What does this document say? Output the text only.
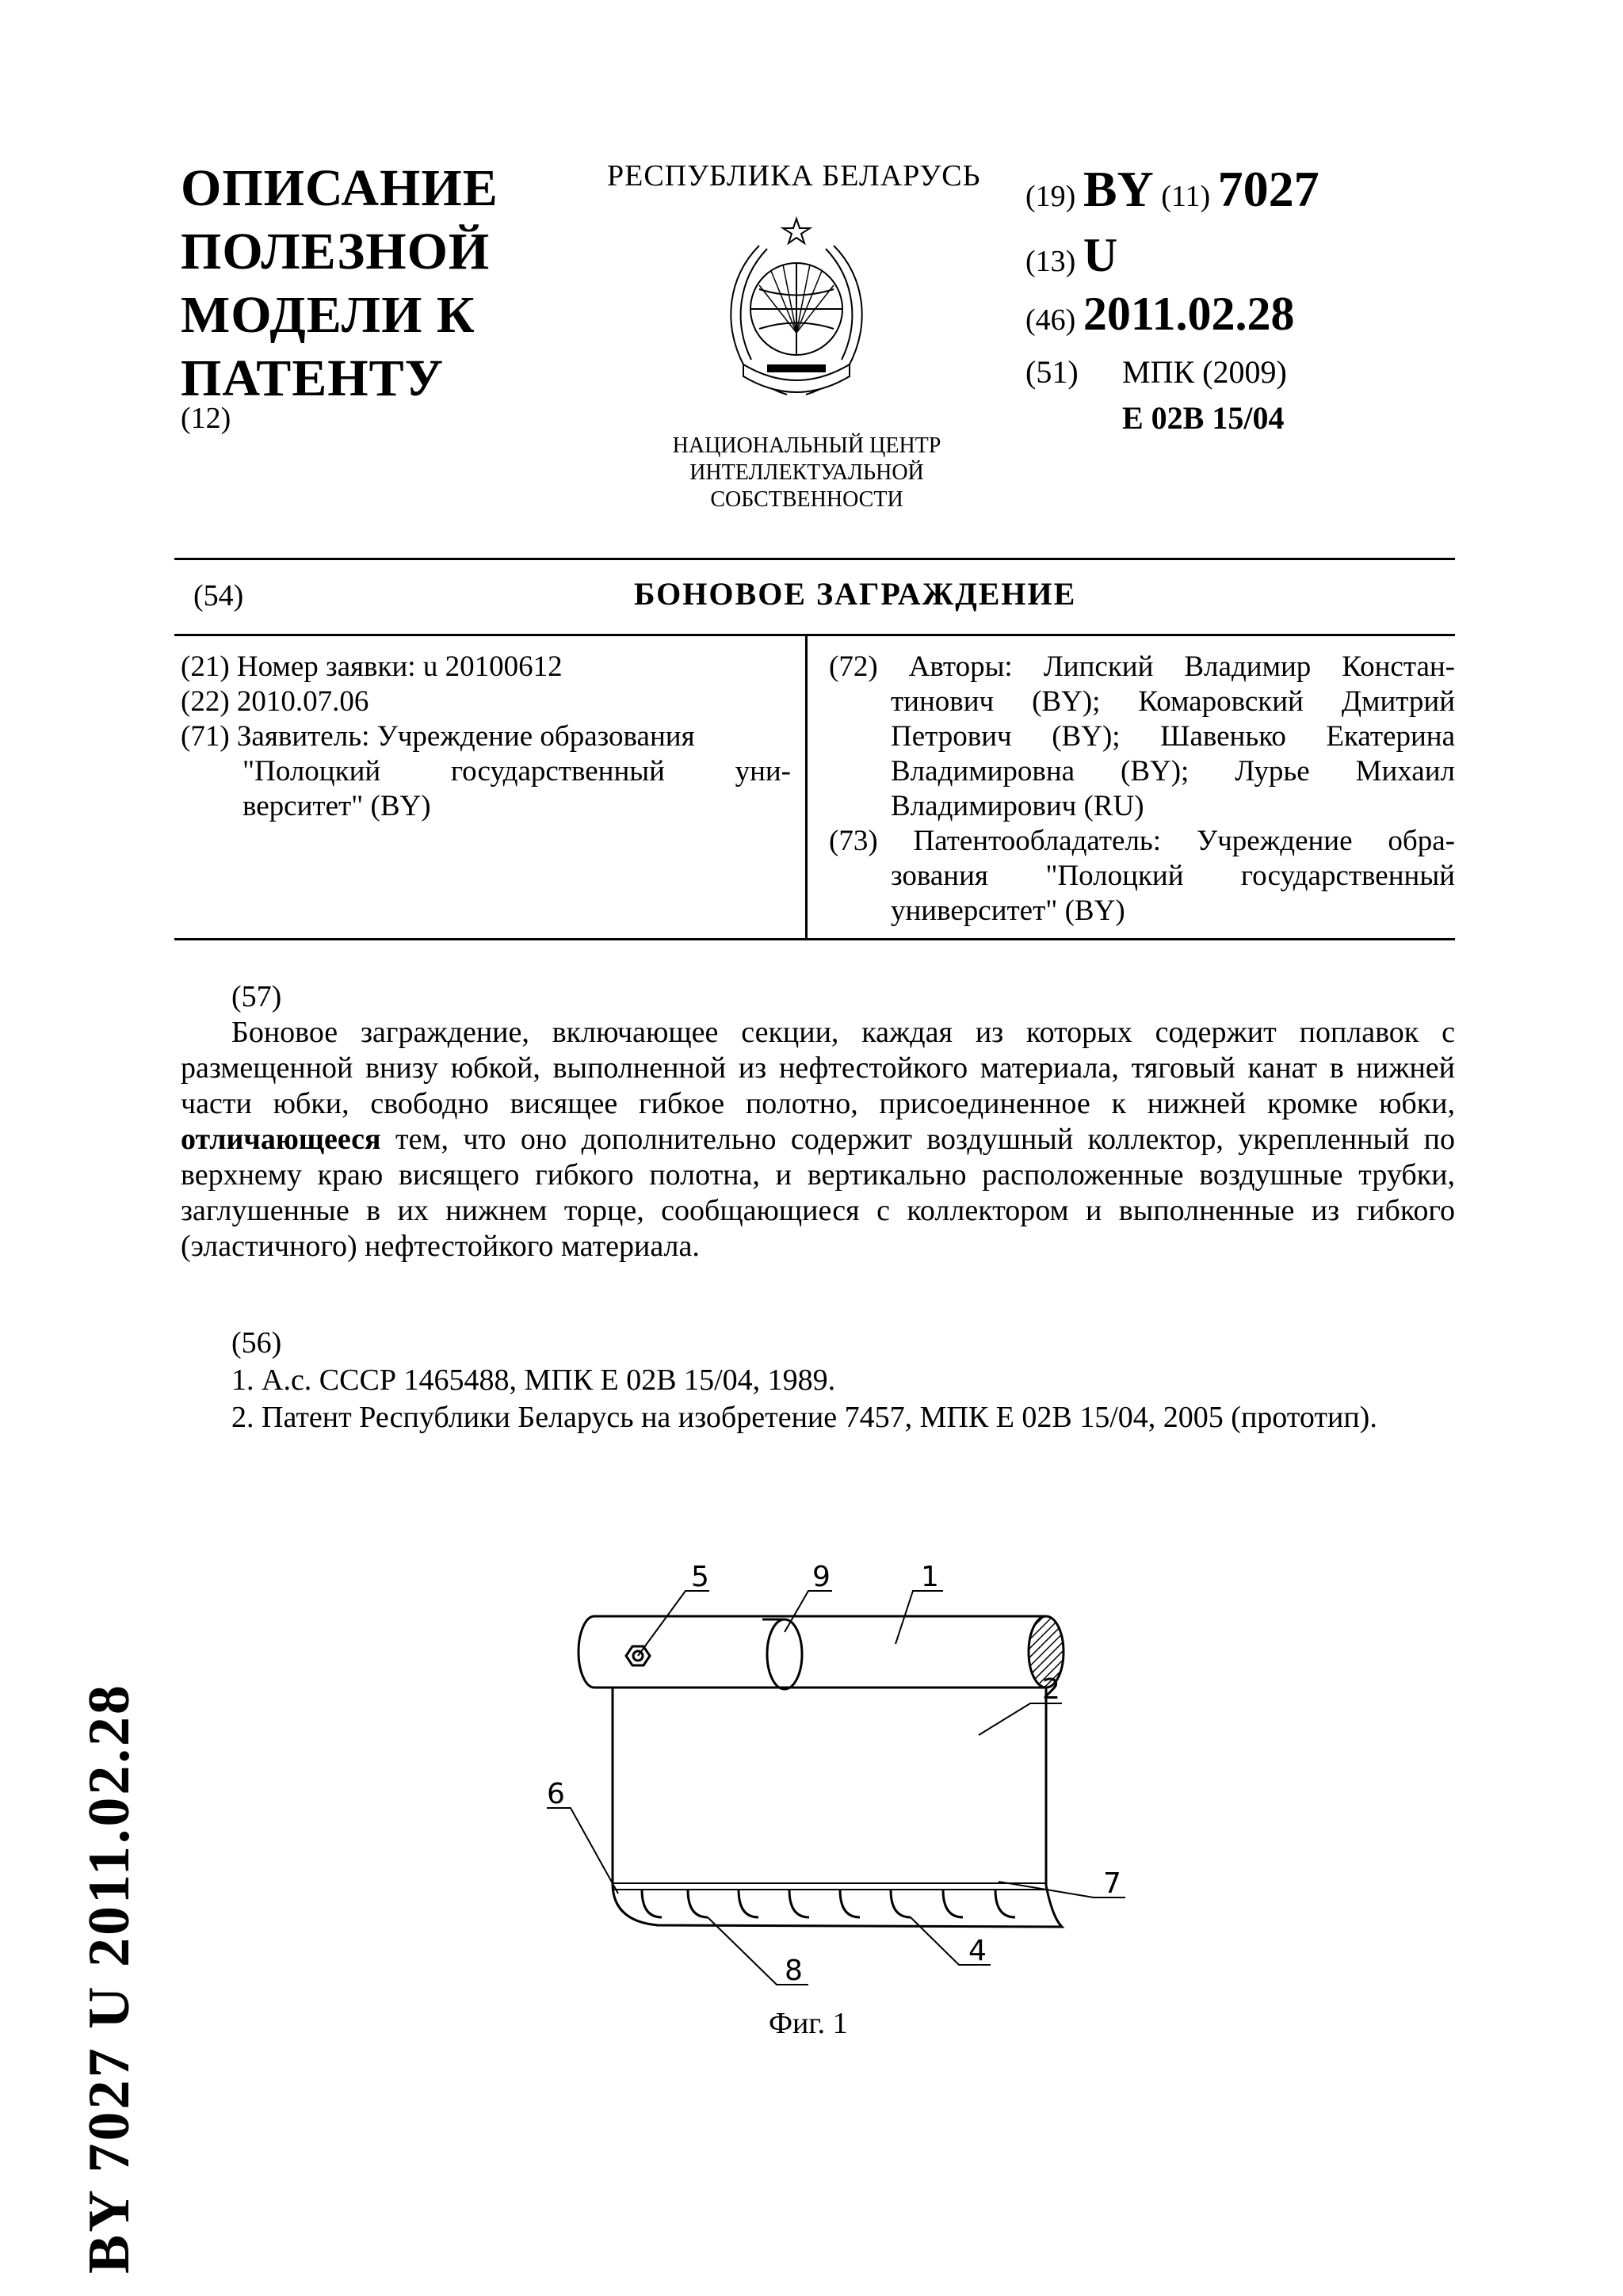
ОПИСАНИЕ
ПОЛЕЗНОЙ
МОДЕЛИ К
ПАТЕНТУ
(12)
РЕСПУБЛИКА БЕЛАРУСЬ
НАЦИОНАЛЬНЫЙ ЦЕНТР
ИНТЕЛЛЕКТУАЛЬНОЙ
СОБСТВЕННОСТИ
(19) BY (11) 7027
(13) U
(46) 2011.02.28
(51) МПК (2009)
E 02B 15/04
(54)	БОНОВОЕ ЗАГРАЖДЕНИЕ
(21) Номер заявки: u 20100612
(22) 2010.07.06
(71) Заявитель: Учреждение образования
"Полоцкий государственный уни-
верситет" (BY)
(72) Авторы: Липский Владимир Констан-
тинович (BY); Комаровский Дмитрий
Петрович (BY); Шавенько Екатерина
Владимировна (BY); Лурье Михаил
Владимирович (RU)
(73) Патентообладатель: Учреждение обра-
зования "Полоцкий государственный
университет" (BY)

(57)

Боновое заграждение, включающее секции, каждая из которых содержит поплавок с размещенной внизу юбкой, выполненной из нефтестойкого материала, тяговый канат в нижней части юбки, свободно висящее гибкое полотно, присоединенное к нижней кромке юбки, отличающееся тем, что оно дополнительно содержит воздушный коллектор, укрепленный по верхнему краю висящего гибкого полотна, и вертикально расположенные воздушные трубки, заглушенные в их нижнем торце, сообщающиеся с коллектором и выполненные из гибкого (эластичного) нефтестойкого материала.

(56)

1. А.с. СССР 1465488, МПК E 02B 15/04, 1989.

2. Патент Республики Беларусь на изобретение 7457, МПК E 02B 15/04, 2005 (прототип).

5	9	1
2
6
7
8
4
Фиг. 1
BY 7027 U 2011.02.28
